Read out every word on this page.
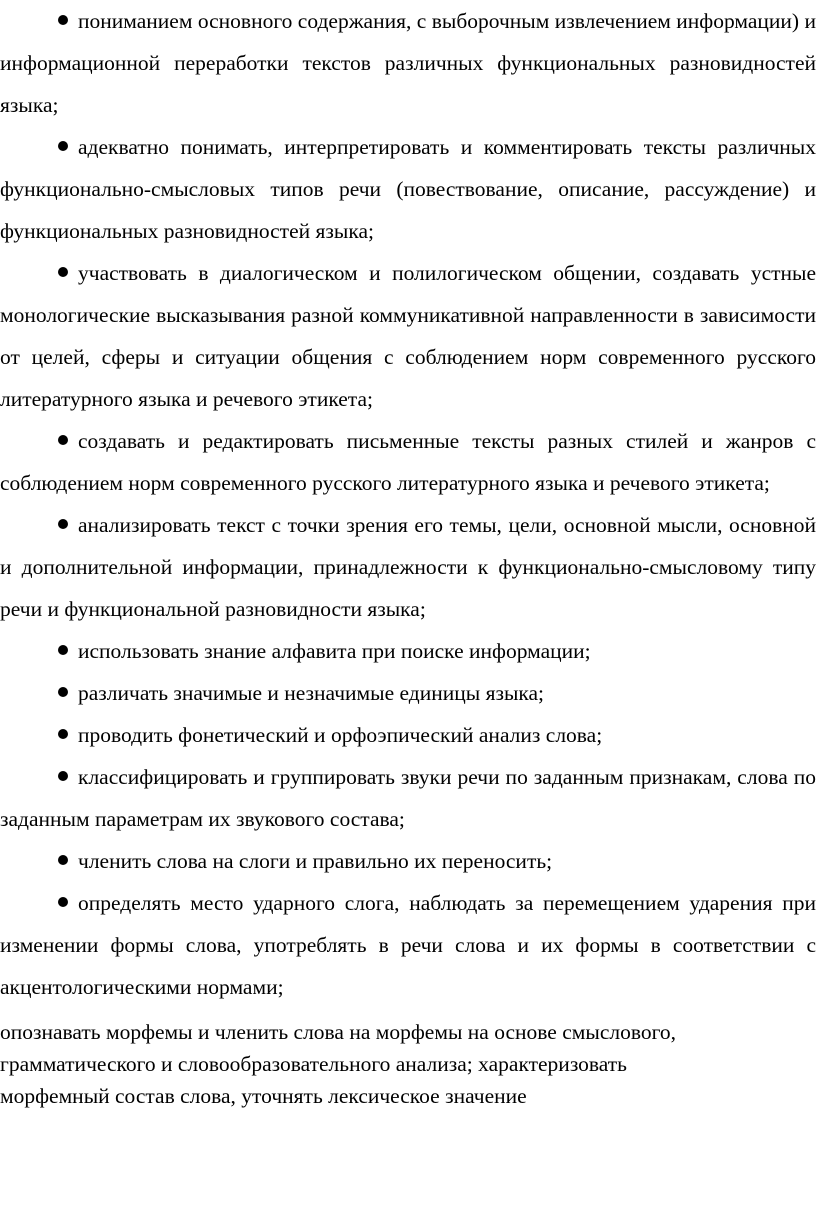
пониманием основного содержания, с выборочным извлечением информации) и информационной переработки текстов различных функциональных разновидностей языка;

адекватно понимать, интерпретировать и комментировать тексты различных функционально-смысловых типов речи (повествование, описание, рассуждение) и функциональных разновидностей языка;

участвовать в диалогическом и полилогическом общении, создавать устные монологические высказывания разной коммуникативной направленности в зависимости от целей, сферы и ситуации общения с соблюдением норм современного русского литературного языка и речевого этикета;

создавать и редактировать письменные тексты разных стилей и жанров с соблюдением норм современного русского литературного языка и речевого этикета;

анализировать текст с точки зрения его темы, цели, основной мысли, основной и дополнительной информации, принадлежности к функционально-смысловому типу речи и функциональной разновидности языка;

использовать знание алфавита при поиске информации;

различать значимые и незначимые единицы языка;

проводить фонетический и орфоэпический анализ слова;

классифицировать и группировать звуки речи по заданным признакам, слова по заданным параметрам их звукового состава;

членить слова на слоги и правильно их переносить;

определять место ударного слога, наблюдать за перемещением ударения при изменении формы слова, употреблять в речи слова и их формы в соответствии с акцентологическими нормами;

опознавать морфемы и членить слова на морфемы на основе смыслового,
грамматического и словообразовательного анализа; характеризовать
морфемный состав слова, уточнять лексическое значение
